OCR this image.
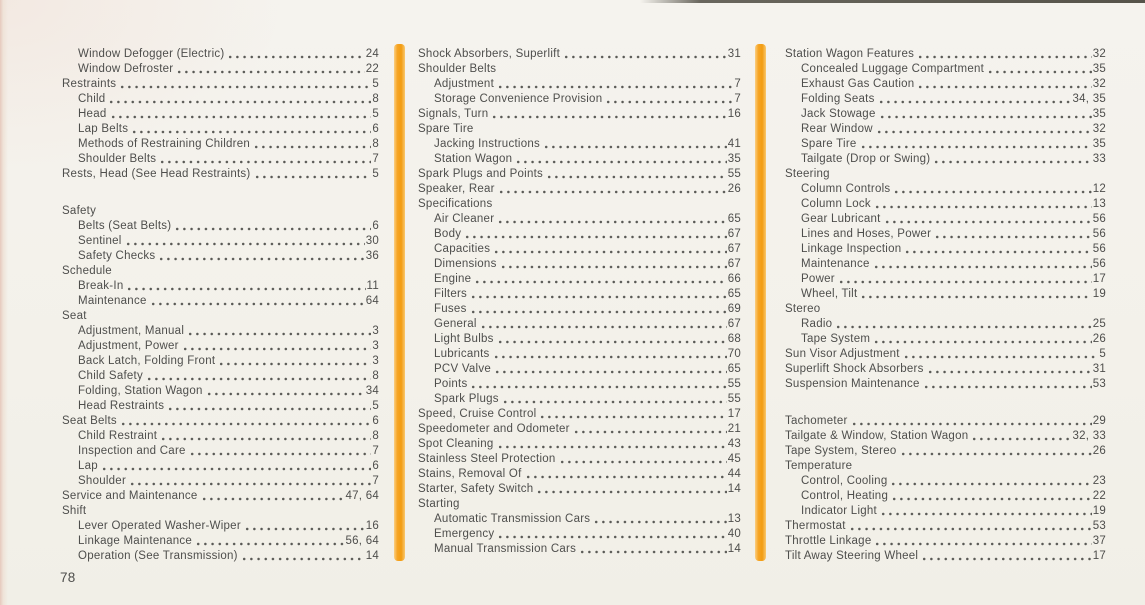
Window Defogger (Electric)	24
Window Defroster	22
Restraints	5
Child	8
Head	5
Lap Belts	6
Methods of Restraining Children	8
Shoulder Belts	7
Rests, Head (See Head Restraints)	5
Safety
Belts (Seat Belts)	6
Sentinel	30
Safety Checks	36
Schedule
Break-In	11
Maintenance	64
Seat
Adjustment, Manual	3
Adjustment, Power	3
Back Latch, Folding Front	3
Child Safety	8
Folding, Station Wagon	34
Head Restraints	5
Seat Belts	6
Child Restraint	8
Inspection and Care	7
Lap	6
Shoulder	7
Service and Maintenance	47, 64
Shift
Lever Operated Washer-Wiper	16
Linkage Maintenance	56, 64
Operation (See Transmission)	14
Shock Absorbers, Superlift	31
Shoulder Belts
Adjustment	7
Storage Convenience Provision	7
Signals, Turn	16
Spare Tire
Jacking Instructions	41
Station Wagon	35
Spark Plugs and Points	55
Speaker, Rear	26
Specifications
Air Cleaner	65
Body	67
Capacities	67
Dimensions	67
Engine	66
Filters	65
Fuses	69
General	67
Light Bulbs	68
Lubricants	70
PCV Valve	65
Points	55
Spark Plugs	55
Speed, Cruise Control	17
Speedometer and Odometer	21
Spot Cleaning	43
Stainless Steel Protection	45
Stains, Removal Of	44
Starter, Safety Switch	14
Starting
Automatic Transmission Cars	13
Emergency	40
Manual Transmission Cars	14
Station Wagon Features	32
Concealed Luggage Compartment	35
Exhaust Gas Caution	32
Folding Seats	34, 35
Jack Stowage	35
Rear Window	32
Spare Tire	35
Tailgate (Drop or Swing)	33
Steering
Column Controls	12
Column Lock	13
Gear Lubricant	56
Lines and Hoses, Power	56
Linkage Inspection	56
Maintenance	56
Power	17
Wheel, Tilt	19
Stereo
Radio	25
Tape System	26
Sun Visor Adjustment	5
Superlift Shock Absorbers	31
Suspension Maintenance	53
Tachometer	29
Tailgate & Window, Station Wagon	32, 33
Tape System, Stereo	26
Temperature
Control, Cooling	23
Control, Heating	22
Indicator Light	19
Thermostat	53
Throttle Linkage	37
Tilt Away Steering Wheel	17
78
